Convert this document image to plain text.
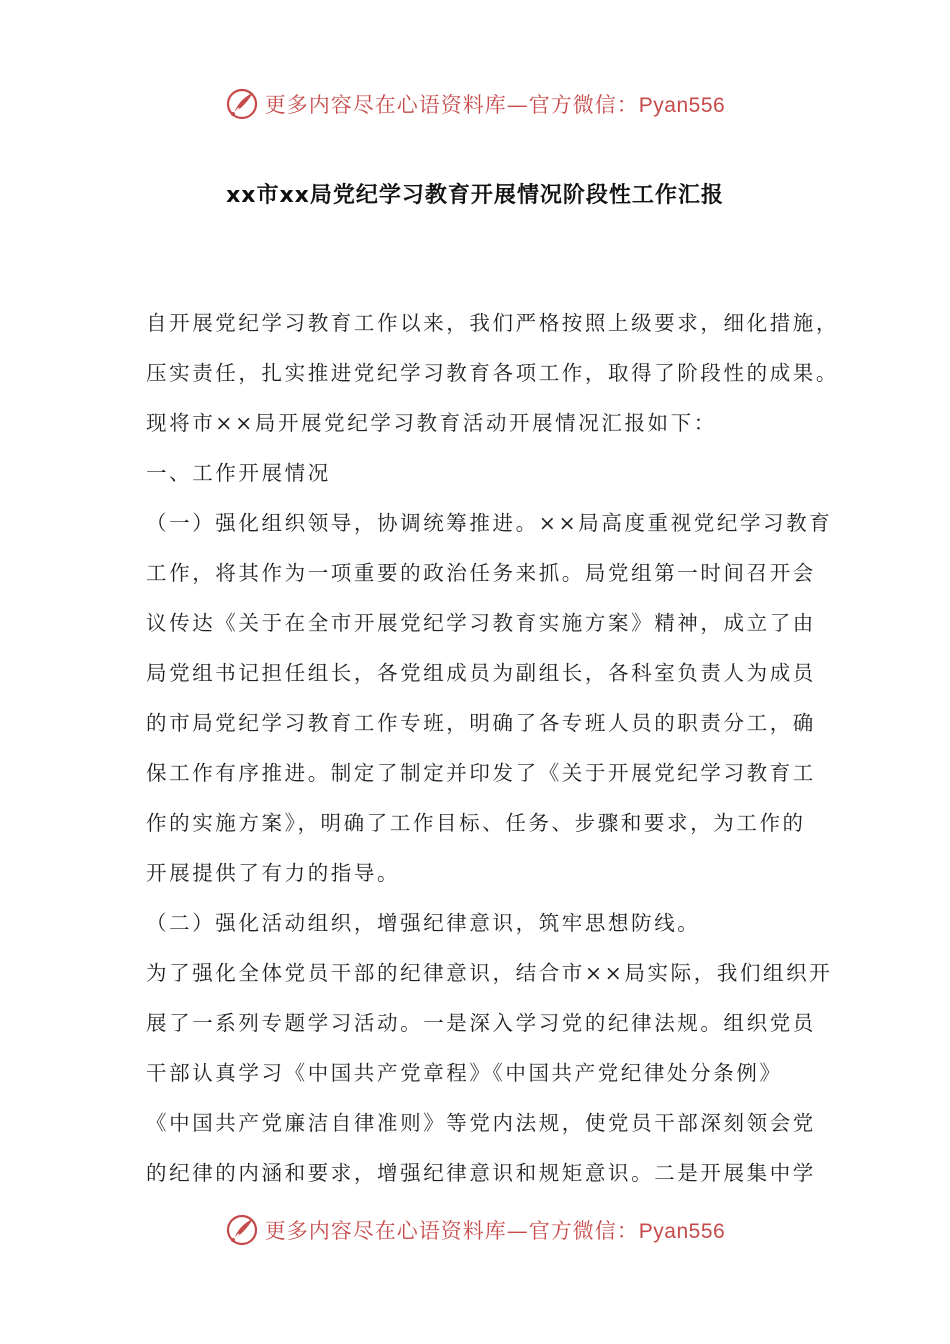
更多内容尽在心语资料库—官方微信：Pyan556
xx市xx局党纪学习教育开展情况阶段性工作汇报
自开展党纪学习教育工作以来，我们严格按照上级要求，细化措施，
压实责任，扎实推进党纪学习教育各项工作，取得了阶段性的成果。
现将市××局开展党纪学习教育活动开展情况汇报如下：
一、工作开展情况
（一）强化组织领导，协调统筹推进。××局高度重视党纪学习教育
工作，将其作为一项重要的政治任务来抓。局党组第一时间召开会
议传达《关于在全市开展党纪学习教育实施方案》精神，成立了由
局党组书记担任组长，各党组成员为副组长，各科室负责人为成员
的市局党纪学习教育工作专班，明确了各专班人员的职责分工，确
保工作有序推进。制定了制定并印发了《关于开展党纪学习教育工
作的实施方案》，明确了工作目标、任务、步骤和要求，为工作的
开展提供了有力的指导。
（二）强化活动组织，增强纪律意识，筑牢思想防线。
为了强化全体党员干部的纪律意识，结合市××局实际，我们组织开
展了一系列专题学习活动。一是深入学习党的纪律法规。组织党员
干部认真学习《中国共产党章程》《中国共产党纪律处分条例》
《中国共产党廉洁自律准则》等党内法规，使党员干部深刻领会党
的纪律的内涵和要求，增强纪律意识和规矩意识。二是开展集中学
更多内容尽在心语资料库—官方微信：Pyan556
